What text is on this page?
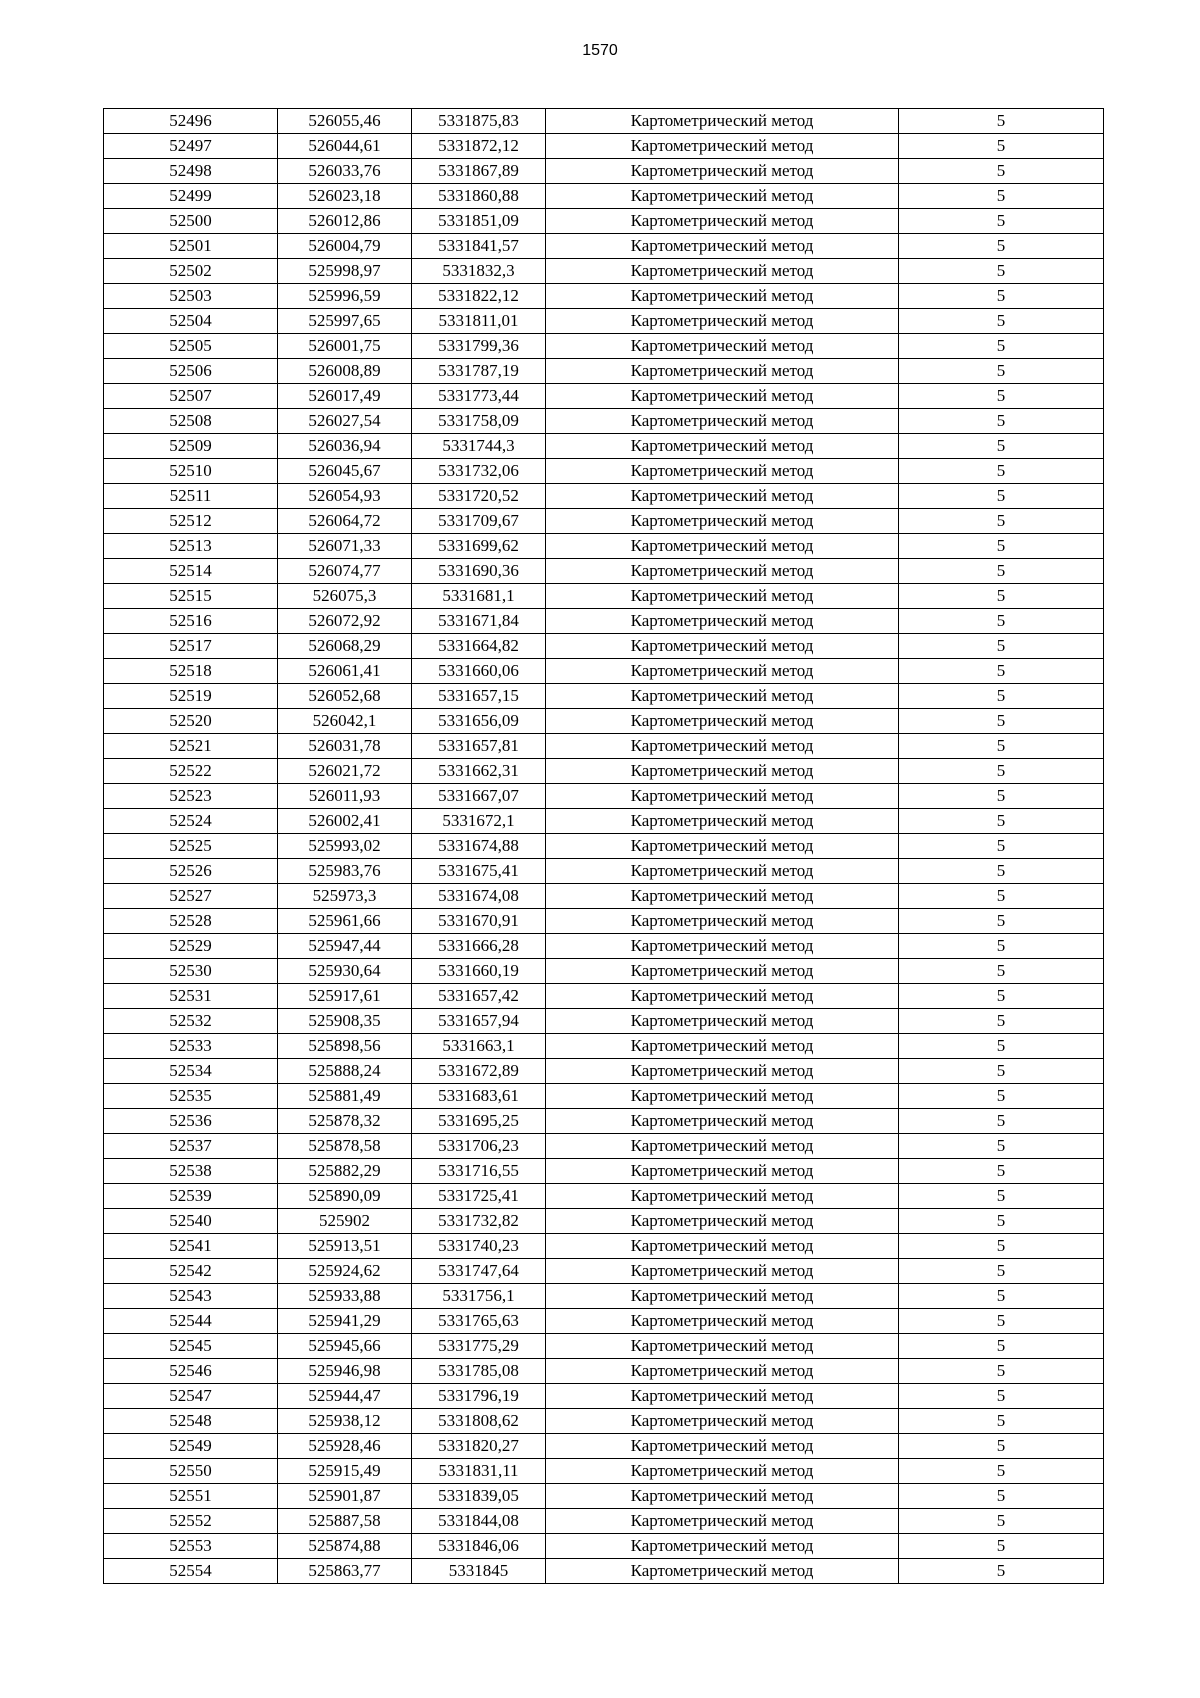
1570
52496	526055,46	5331875,83	Картометрический метод	5
52497	526044,61	5331872,12	Картометрический метод	5
52498	526033,76	5331867,89	Картометрический метод	5
52499	526023,18	5331860,88	Картометрический метод	5
52500	526012,86	5331851,09	Картометрический метод	5
52501	526004,79	5331841,57	Картометрический метод	5
52502	525998,97	5331832,3	Картометрический метод	5
52503	525996,59	5331822,12	Картометрический метод	5
52504	525997,65	5331811,01	Картометрический метод	5
52505	526001,75	5331799,36	Картометрический метод	5
52506	526008,89	5331787,19	Картометрический метод	5
52507	526017,49	5331773,44	Картометрический метод	5
52508	526027,54	5331758,09	Картометрический метод	5
52509	526036,94	5331744,3	Картометрический метод	5
52510	526045,67	5331732,06	Картометрический метод	5
52511	526054,93	5331720,52	Картометрический метод	5
52512	526064,72	5331709,67	Картометрический метод	5
52513	526071,33	5331699,62	Картометрический метод	5
52514	526074,77	5331690,36	Картометрический метод	5
52515	526075,3	5331681,1	Картометрический метод	5
52516	526072,92	5331671,84	Картометрический метод	5
52517	526068,29	5331664,82	Картометрический метод	5
52518	526061,41	5331660,06	Картометрический метод	5
52519	526052,68	5331657,15	Картометрический метод	5
52520	526042,1	5331656,09	Картометрический метод	5
52521	526031,78	5331657,81	Картометрический метод	5
52522	526021,72	5331662,31	Картометрический метод	5
52523	526011,93	5331667,07	Картометрический метод	5
52524	526002,41	5331672,1	Картометрический метод	5
52525	525993,02	5331674,88	Картометрический метод	5
52526	525983,76	5331675,41	Картометрический метод	5
52527	525973,3	5331674,08	Картометрический метод	5
52528	525961,66	5331670,91	Картометрический метод	5
52529	525947,44	5331666,28	Картометрический метод	5
52530	525930,64	5331660,19	Картометрический метод	5
52531	525917,61	5331657,42	Картометрический метод	5
52532	525908,35	5331657,94	Картометрический метод	5
52533	525898,56	5331663,1	Картометрический метод	5
52534	525888,24	5331672,89	Картометрический метод	5
52535	525881,49	5331683,61	Картометрический метод	5
52536	525878,32	5331695,25	Картометрический метод	5
52537	525878,58	5331706,23	Картометрический метод	5
52538	525882,29	5331716,55	Картометрический метод	5
52539	525890,09	5331725,41	Картометрический метод	5
52540	525902	5331732,82	Картометрический метод	5
52541	525913,51	5331740,23	Картометрический метод	5
52542	525924,62	5331747,64	Картометрический метод	5
52543	525933,88	5331756,1	Картометрический метод	5
52544	525941,29	5331765,63	Картометрический метод	5
52545	525945,66	5331775,29	Картометрический метод	5
52546	525946,98	5331785,08	Картометрический метод	5
52547	525944,47	5331796,19	Картометрический метод	5
52548	525938,12	5331808,62	Картометрический метод	5
52549	525928,46	5331820,27	Картометрический метод	5
52550	525915,49	5331831,11	Картометрический метод	5
52551	525901,87	5331839,05	Картометрический метод	5
52552	525887,58	5331844,08	Картометрический метод	5
52553	525874,88	5331846,06	Картометрический метод	5
52554	525863,77	5331845	Картометрический метод	5
